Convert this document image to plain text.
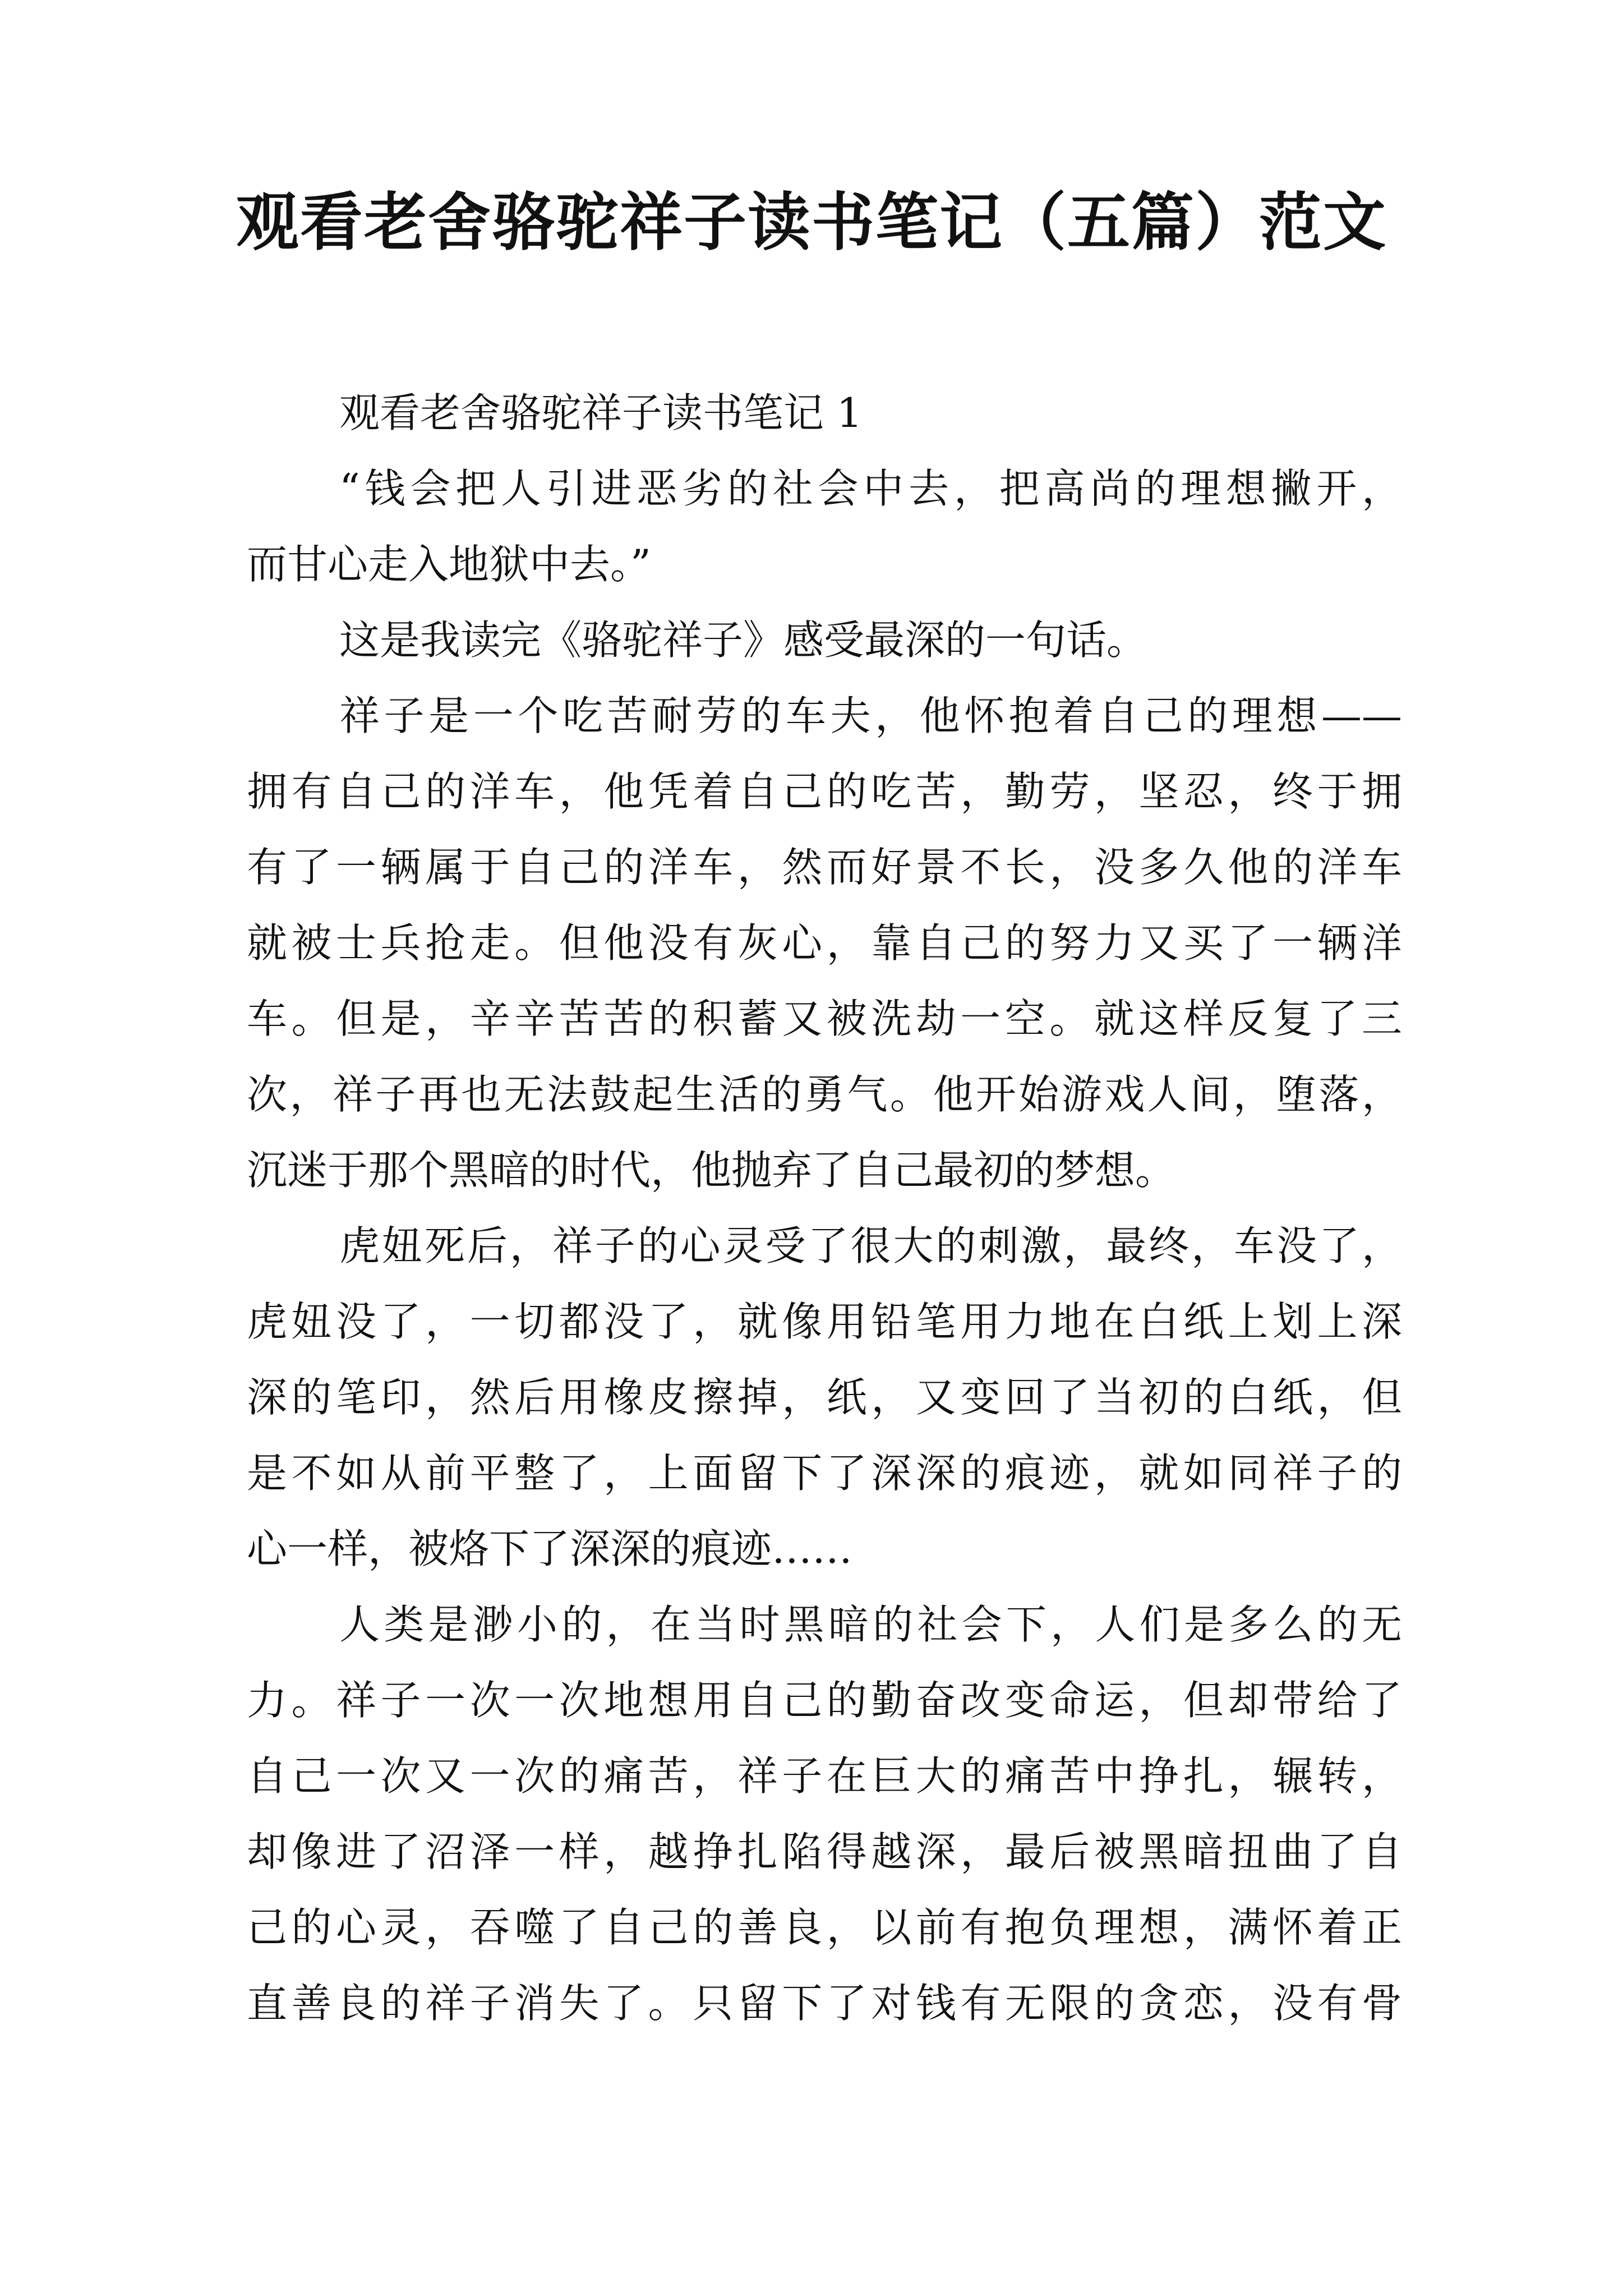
观看老舍骆驼祥子读书笔记（五篇）范文

观看老舍骆驼祥子读书笔记 1

“钱会把人引进恶劣的社会中去，把高尚的理想撇开，

而甘心走入地狱中去。”

这是我读完《骆驼祥子》感受最深的一句话。

祥子是一个吃苦耐劳的车夫，他怀抱着自己的理想——

拥有自己的洋车，他凭着自己的吃苦，勤劳，坚忍，终于拥

有了一辆属于自己的洋车，然而好景不长，没多久他的洋车

就被士兵抢走。但他没有灰心，靠自己的努力又买了一辆洋

车。但是，辛辛苦苦的积蓄又被洗劫一空。就这样反复了三

次，祥子再也无法鼓起生活的勇气。他开始游戏人间，堕落，

沉迷于那个黑暗的时代，他抛弃了自己最初的梦想。

虎妞死后，祥子的心灵受了很大的刺激，最终，车没了，

虎妞没了，一切都没了，就像用铅笔用力地在白纸上划上深

深的笔印，然后用橡皮擦掉，纸，又变回了当初的白纸，但

是不如从前平整了，上面留下了深深的痕迹，就如同祥子的

心一样，被烙下了深深的痕迹……

人类是渺小的，在当时黑暗的社会下，人们是多么的无

力。祥子一次一次地想用自己的勤奋改变命运，但却带给了

自己一次又一次的痛苦，祥子在巨大的痛苦中挣扎，辗转，

却像进了沼泽一样，越挣扎陷得越深，最后被黑暗扭曲了自

己的心灵，吞噬了自己的善良，以前有抱负理想，满怀着正

直善良的祥子消失了。只留下了对钱有无限的贪恋，没有骨
